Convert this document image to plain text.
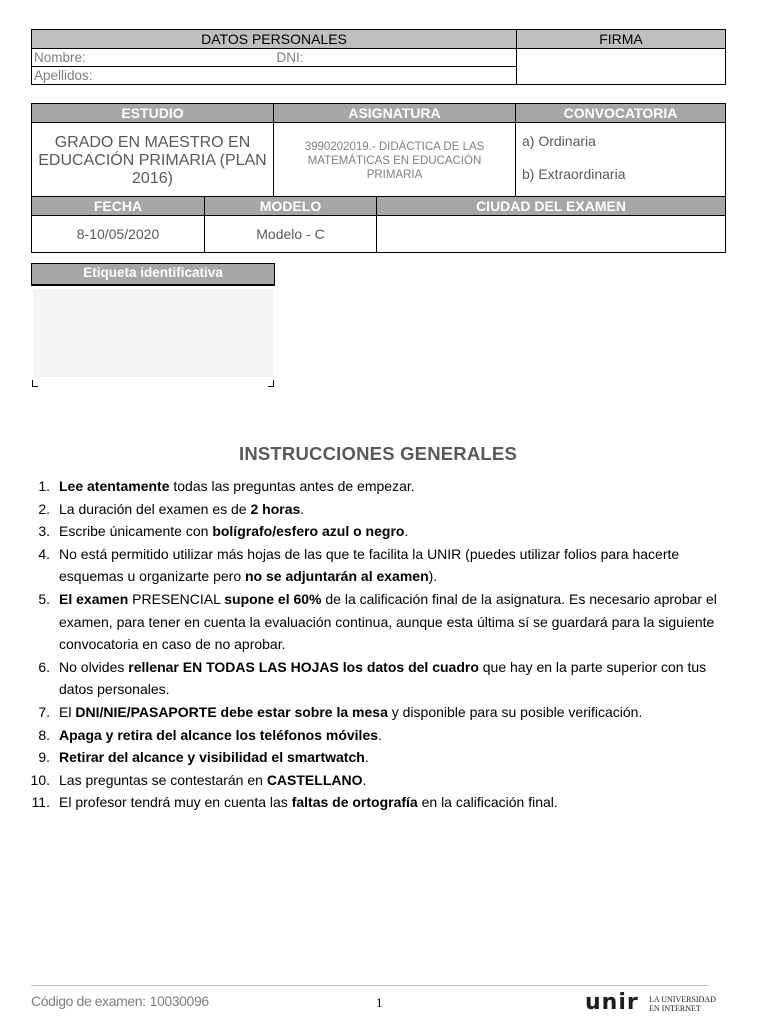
DATOS PERSONALES	FIRMA
Nombre: DNI:	

Apellidos:	
ESTUDIO	ASIGNATURA	CONVOCATORIA

GRADO EN MAESTRO EN EDUCACIÓN PRIMARIA (PLAN 2016)	3990202019.- DIDÁCTICA DE LAS MATEMÁTICAS EN EDUCACIÓN PRIMARIA	a) Ordinaria
b) Extraordinaria
FECHA	MODELO	CIUDAD DEL EXAMEN
8-10/05/2020	Modelo - C	
Etiqueta identificativa
INSTRUCCIONES GENERALES
1. Lee atentamente todas las preguntas antes de empezar.
2. La duración del examen es de 2 horas.
3. Escribe únicamente con bolígrafo/esfero azul o negro.
4. No está permitido utilizar más hojas de las que te facilita la UNIR (puedes utilizar folios para hacerte esquemas u organizarte pero no se adjuntarán al examen).
5. El examen PRESENCIAL supone el 60% de la calificación final de la asignatura. Es necesario aprobar el examen, para tener en cuenta la evaluación continua, aunque esta última sí se guardará para la siguiente convocatoria en caso de no aprobar.
6. No olvides rellenar EN TODAS LAS HOJAS los datos del cuadro que hay en la parte superior con tus datos personales.
7. El DNI/NIE/PASAPORTE debe estar sobre la mesa y disponible para su posible verificación.
8. Apaga y retira del alcance los teléfonos móviles.
9. Retirar del alcance y visibilidad el smartwatch.
10. Las preguntas se contestarán en CASTELLANO.
11. El profesor tendrá muy en cuenta las faltas de ortografía en la calificación final.
Código de examen: 10030096	1	unir LA UNIVERSIDAD
EN INTERNET
